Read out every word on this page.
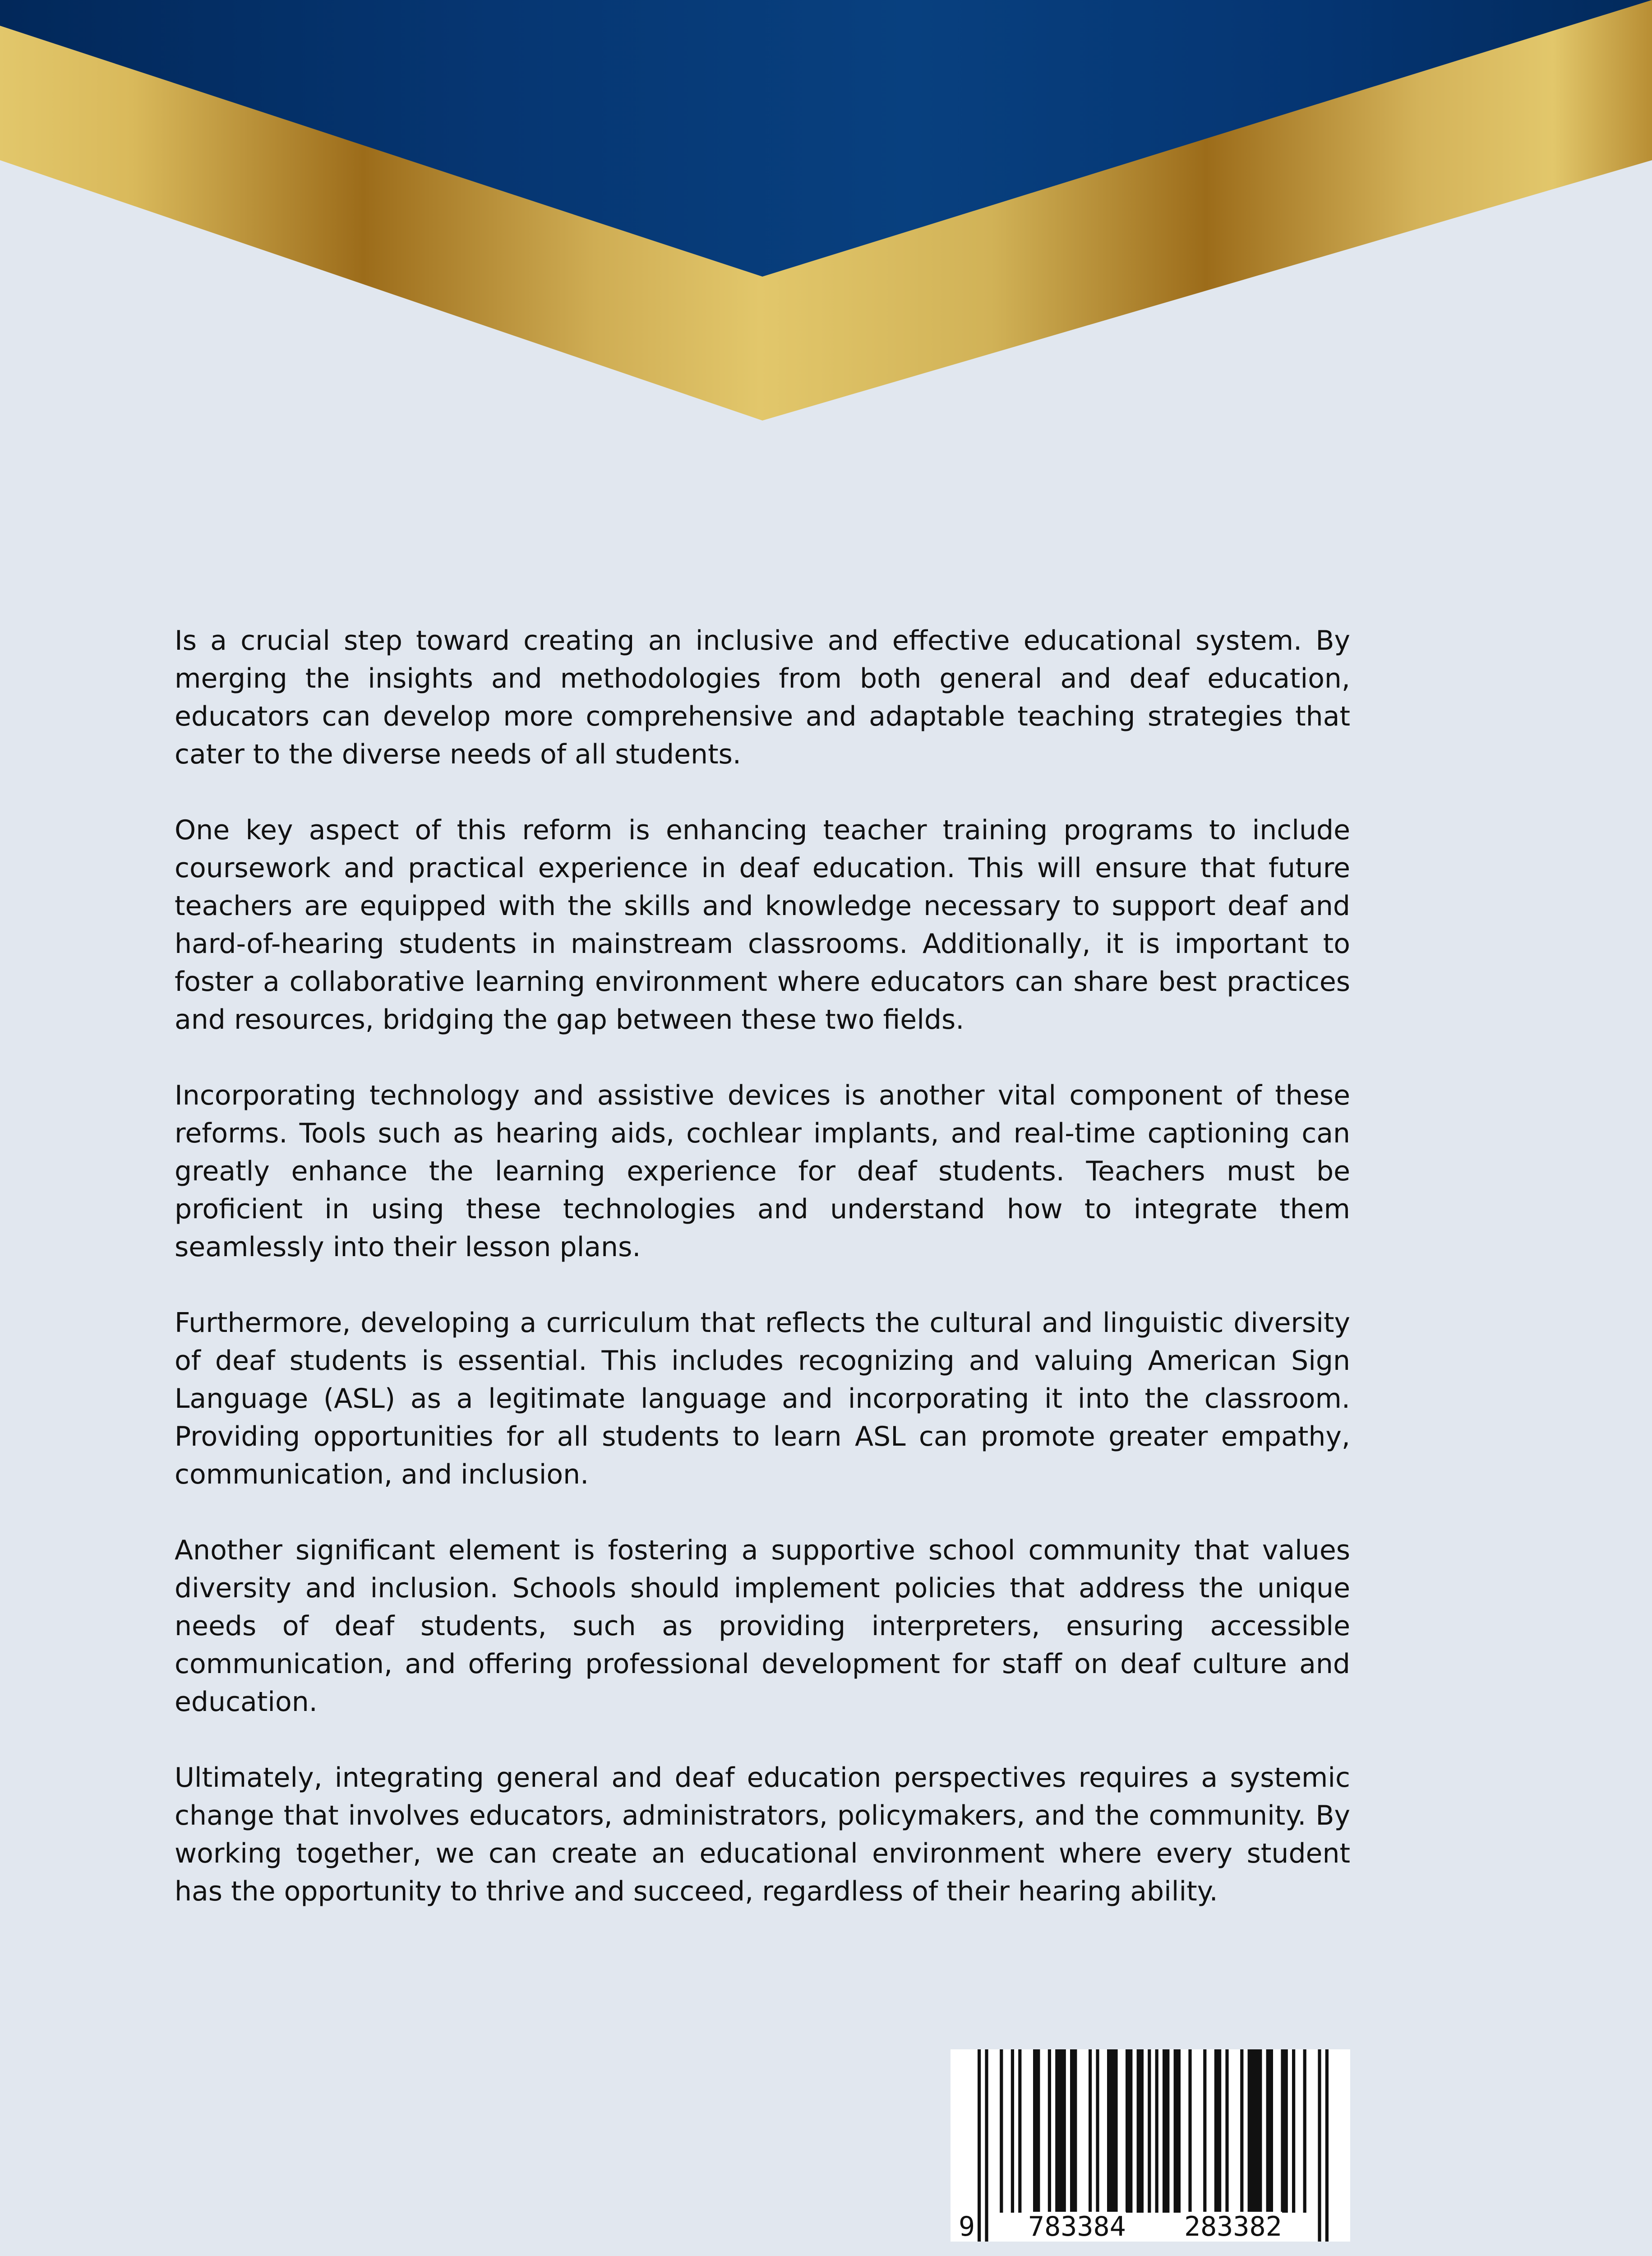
Is a crucial step toward creating an inclusive and effective educational system. By merging the insights and methodologies from both general and deaf education, educators can develop more comprehensive and adaptable teaching strategies that cater to the diverse needs of all students.

One key aspect of this reform is enhancing teacher training programs to include coursework and practical experience in deaf education. This will ensure that future teachers are equipped with the skills and knowledge necessary to support deaf and hard-of-hearing students in mainstream classrooms. Additionally, it is important to foster a collaborative learning environment where educators can share best practices and resources, bridging the gap between these two fields.

Incorporating technology and assistive devices is another vital component of these reforms. Tools such as hearing aids, cochlear implants, and real-time captioning can greatly enhance the learning experience for deaf students. Teachers must be proficient in using these technologies and understand how to integrate them seamlessly into their lesson plans.

Furthermore, developing a curriculum that reflects the cultural and linguistic diversity of deaf students is essential. This includes recognizing and valuing American Sign Language (ASL) as a legitimate language and incorporating it into the classroom. Providing opportunities for all students to learn ASL can promote greater empathy, communication, and inclusion.

Another significant element is fostering a supportive school community that values diversity and inclusion. Schools should implement policies that address the unique needs of deaf students, such as providing interpreters, ensuring accessible communication, and offering professional development for staff on deaf culture and education.

Ultimately, integrating general and deaf education perspectives requires a systemic change that involves educators, administrators, policymakers, and the community. By working together, we can create an educational environment where every student has the opportunity to thrive and succeed, regardless of their hearing ability.

9 783384 283382
